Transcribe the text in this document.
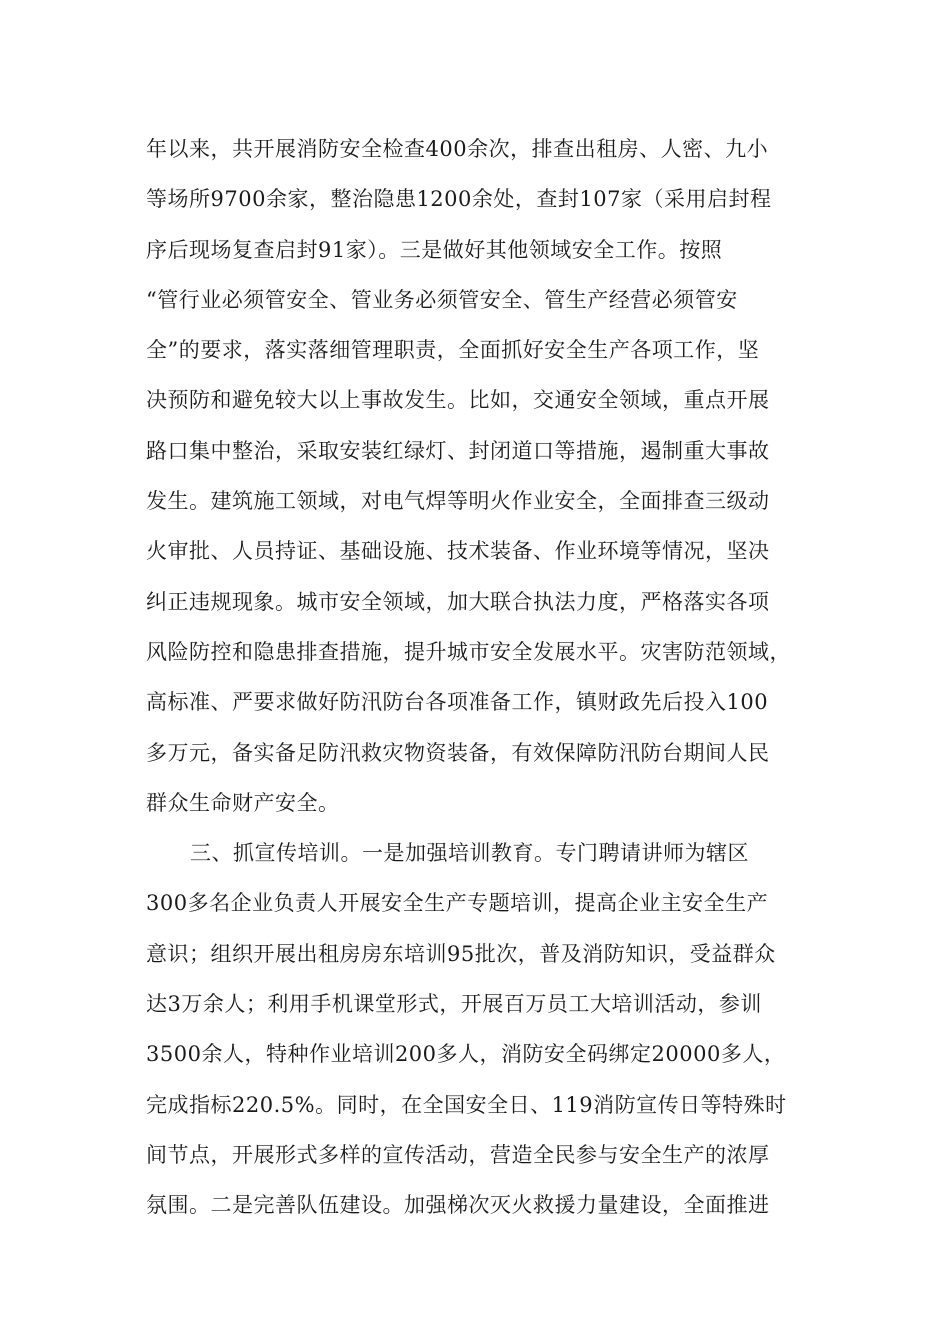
年以来，共开展消防安全检查400余次，排查出租房、人密、九小
等场所9700余家，整治隐患1200余处，查封107家（采用启封程
序后现场复查启封91家）。三是做好其他领域安全工作。按照
“管行业必须管安全、管业务必须管安全、管生产经营必须管安
全”的要求，落实落细管理职责，全面抓好安全生产各项工作，坚
决预防和避免较大以上事故发生。比如，交通安全领域，重点开展
路口集中整治，采取安装红绿灯、封闭道口等措施，遏制重大事故
发生。建筑施工领域，对电气焊等明火作业安全，全面排查三级动
火审批、人员持证、基础设施、技术装备、作业环境等情况，坚决
纠正违规现象。城市安全领域，加大联合执法力度，严格落实各项
风险防控和隐患排查措施，提升城市安全发展水平。灾害防范领域，
高标准、严要求做好防汛防台各项准备工作，镇财政先后投入100
多万元，备实备足防汛救灾物资装备，有效保障防汛防台期间人民
群众生命财产安全。
三、抓宣传培训。一是加强培训教育。专门聘请讲师为辖区
300多名企业负责人开展安全生产专题培训，提高企业主安全生产
意识；组织开展出租房房东培训95批次，普及消防知识，受益群众
达3万余人；利用手机课堂形式，开展百万员工大培训活动，参训
3500余人，特种作业培训200多人，消防安全码绑定20000多人，
完成指标220.5%。同时，在全国安全日、119消防宣传日等特殊时
间节点，开展形式多样的宣传活动，营造全民参与安全生产的浓厚
氛围。二是完善队伍建设。加强梯次灭火救援力量建设，全面推进
